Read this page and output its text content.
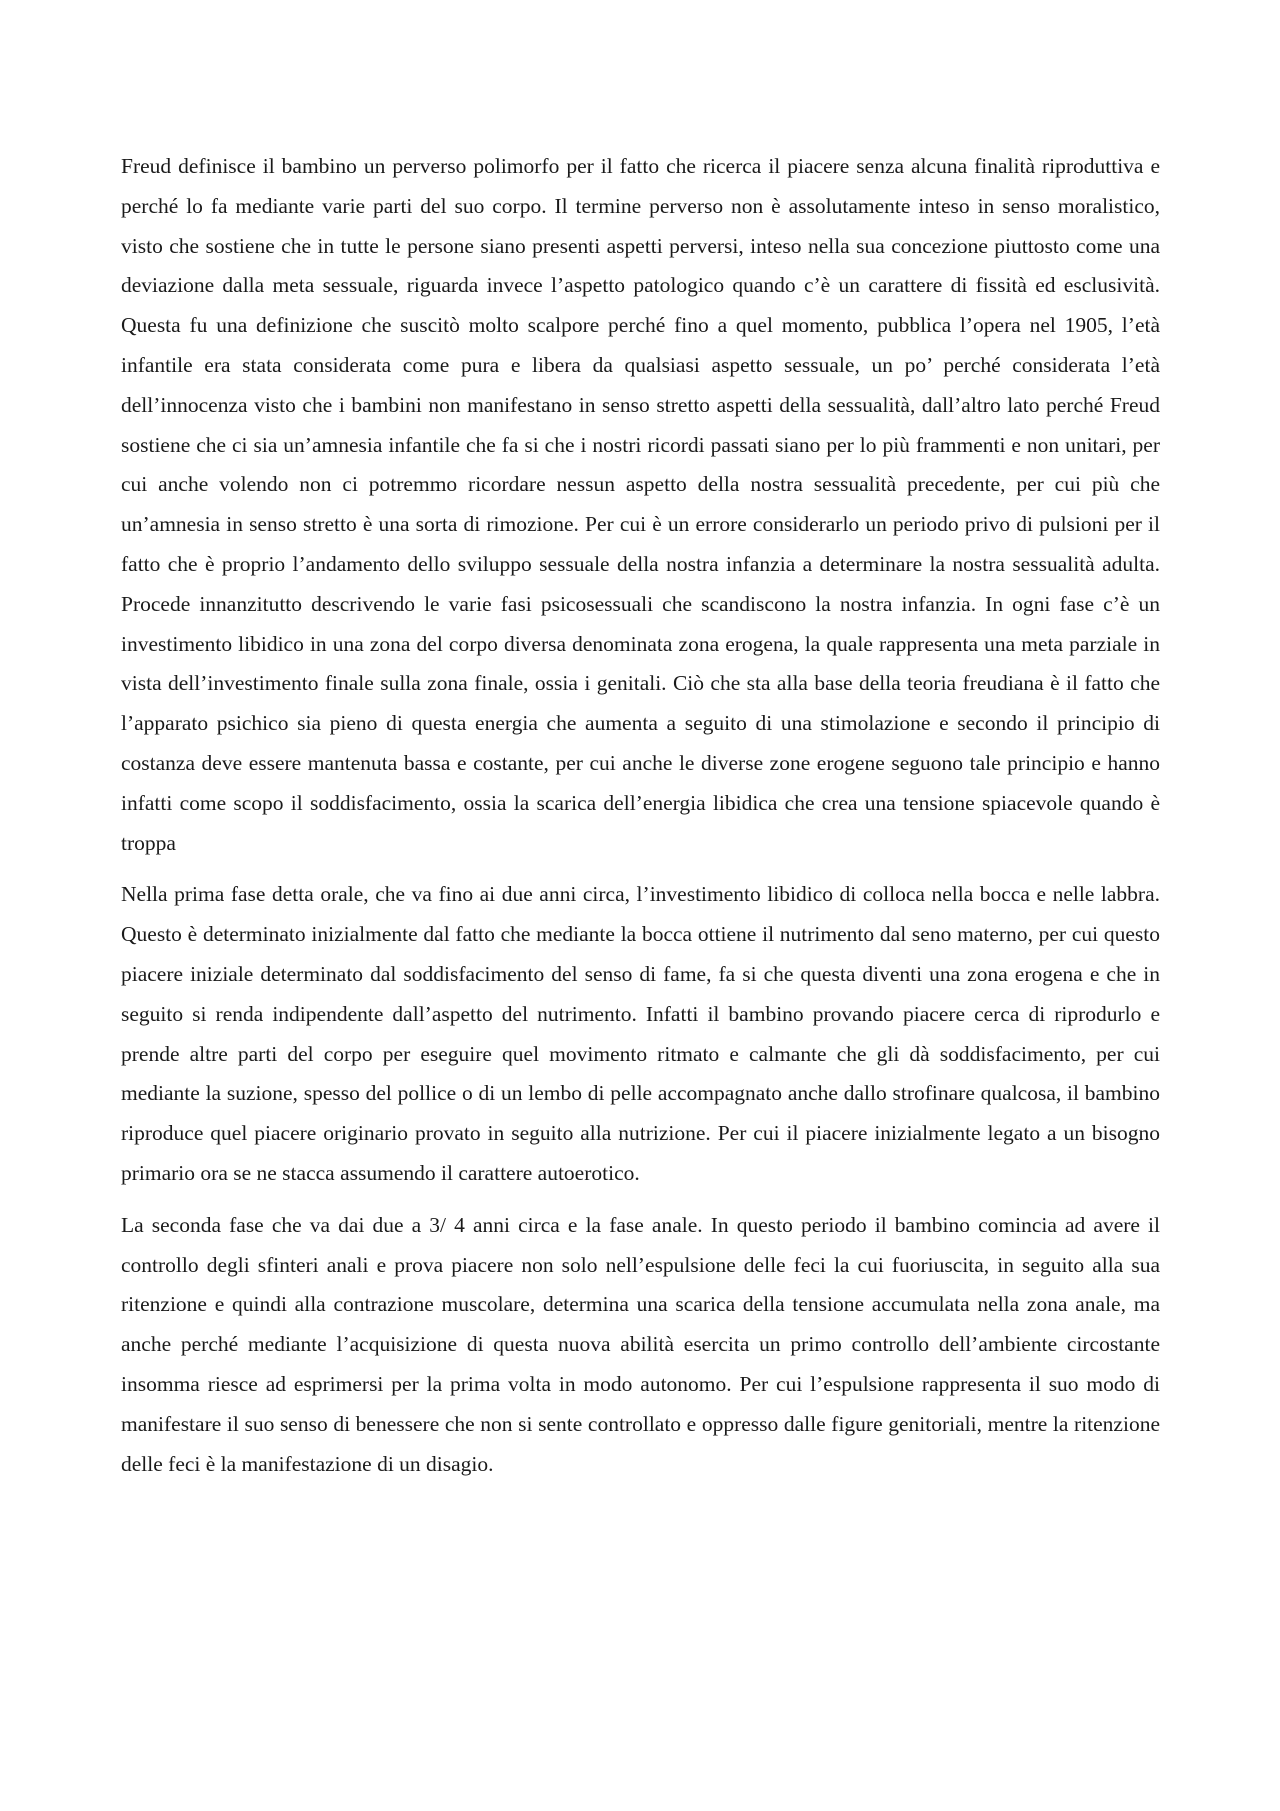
Freud definisce il bambino un perverso polimorfo per il fatto che ricerca il piacere senza alcuna finalità riproduttiva e perché lo fa mediante varie parti del suo corpo. Il termine perverso non è assolutamente inteso in senso moralistico, visto che sostiene che in tutte le persone siano presenti aspetti perversi, inteso nella sua concezione piuttosto come una deviazione dalla meta sessuale, riguarda invece l’aspetto patologico quando c’è un carattere di fissità ed esclusività. Questa fu una definizione che suscitò molto scalpore perché fino a quel momento, pubblica l’opera nel 1905, l’età infantile era stata considerata come pura e libera da qualsiasi aspetto sessuale, un po’ perché considerata l’età dell’innocenza visto che i bambini non manifestano in senso stretto aspetti della sessualità, dall’altro lato perché Freud sostiene che ci sia un’amnesia infantile che fa si che i nostri ricordi passati siano per lo più frammenti e non unitari, per cui anche volendo non ci potremmo ricordare nessun aspetto della nostra sessualità precedente, per cui più che un’amnesia in senso stretto è una sorta di rimozione. Per cui è un errore considerarlo un periodo privo di pulsioni per il fatto che è proprio l’andamento dello sviluppo sessuale della nostra infanzia a determinare la nostra sessualità adulta. Procede innanzitutto descrivendo le varie fasi psicosessuali che scandiscono la nostra infanzia. In ogni fase c’è un investimento libidico in una zona del corpo diversa denominata zona erogena, la quale rappresenta una meta parziale in vista dell’investimento finale sulla zona finale, ossia i genitali. Ciò che sta alla base della teoria freudiana è il fatto che l’apparato psichico sia pieno di questa energia che aumenta a seguito di una stimolazione e secondo il principio di costanza deve essere mantenuta bassa e costante, per cui anche le diverse zone erogene seguono tale principio e hanno infatti come scopo il soddisfacimento, ossia la scarica dell’energia libidica che crea una tensione spiacevole quando è troppa

Nella prima fase detta orale, che va fino ai due anni circa, l’investimento libidico di colloca nella bocca e nelle labbra. Questo è determinato inizialmente dal fatto che mediante la bocca ottiene il nutrimento dal seno materno, per cui questo piacere iniziale determinato dal soddisfacimento del senso di fame, fa si che questa diventi una zona erogena e che in seguito si renda indipendente dall’aspetto del nutrimento. Infatti il bambino provando piacere cerca di riprodurlo e prende altre parti del corpo per eseguire quel movimento ritmato e calmante che gli dà soddisfacimento, per cui mediante la suzione, spesso del pollice o di un lembo di pelle accompagnato anche dallo strofinare qualcosa, il bambino riproduce quel piacere originario provato in seguito alla nutrizione. Per cui il piacere inizialmente legato a un bisogno primario ora se ne stacca assumendo il carattere autoerotico.

La seconda fase che va dai due a 3/ 4 anni circa e la fase anale. In questo periodo il bambino comincia ad avere il controllo degli sfinteri anali e prova piacere non solo nell’espulsione delle feci la cui fuoriuscita, in seguito alla sua ritenzione e quindi alla contrazione muscolare, determina una scarica della tensione accumulata nella zona anale, ma anche perché mediante l’acquisizione di questa nuova abilità esercita un primo controllo dell’ambiente circostante insomma riesce ad esprimersi per la prima volta in modo autonomo. Per cui l’espulsione rappresenta il suo modo di manifestare il suo senso di benessere che non si sente controllato e oppresso dalle figure genitoriali, mentre la ritenzione delle feci è la manifestazione di un disagio.
